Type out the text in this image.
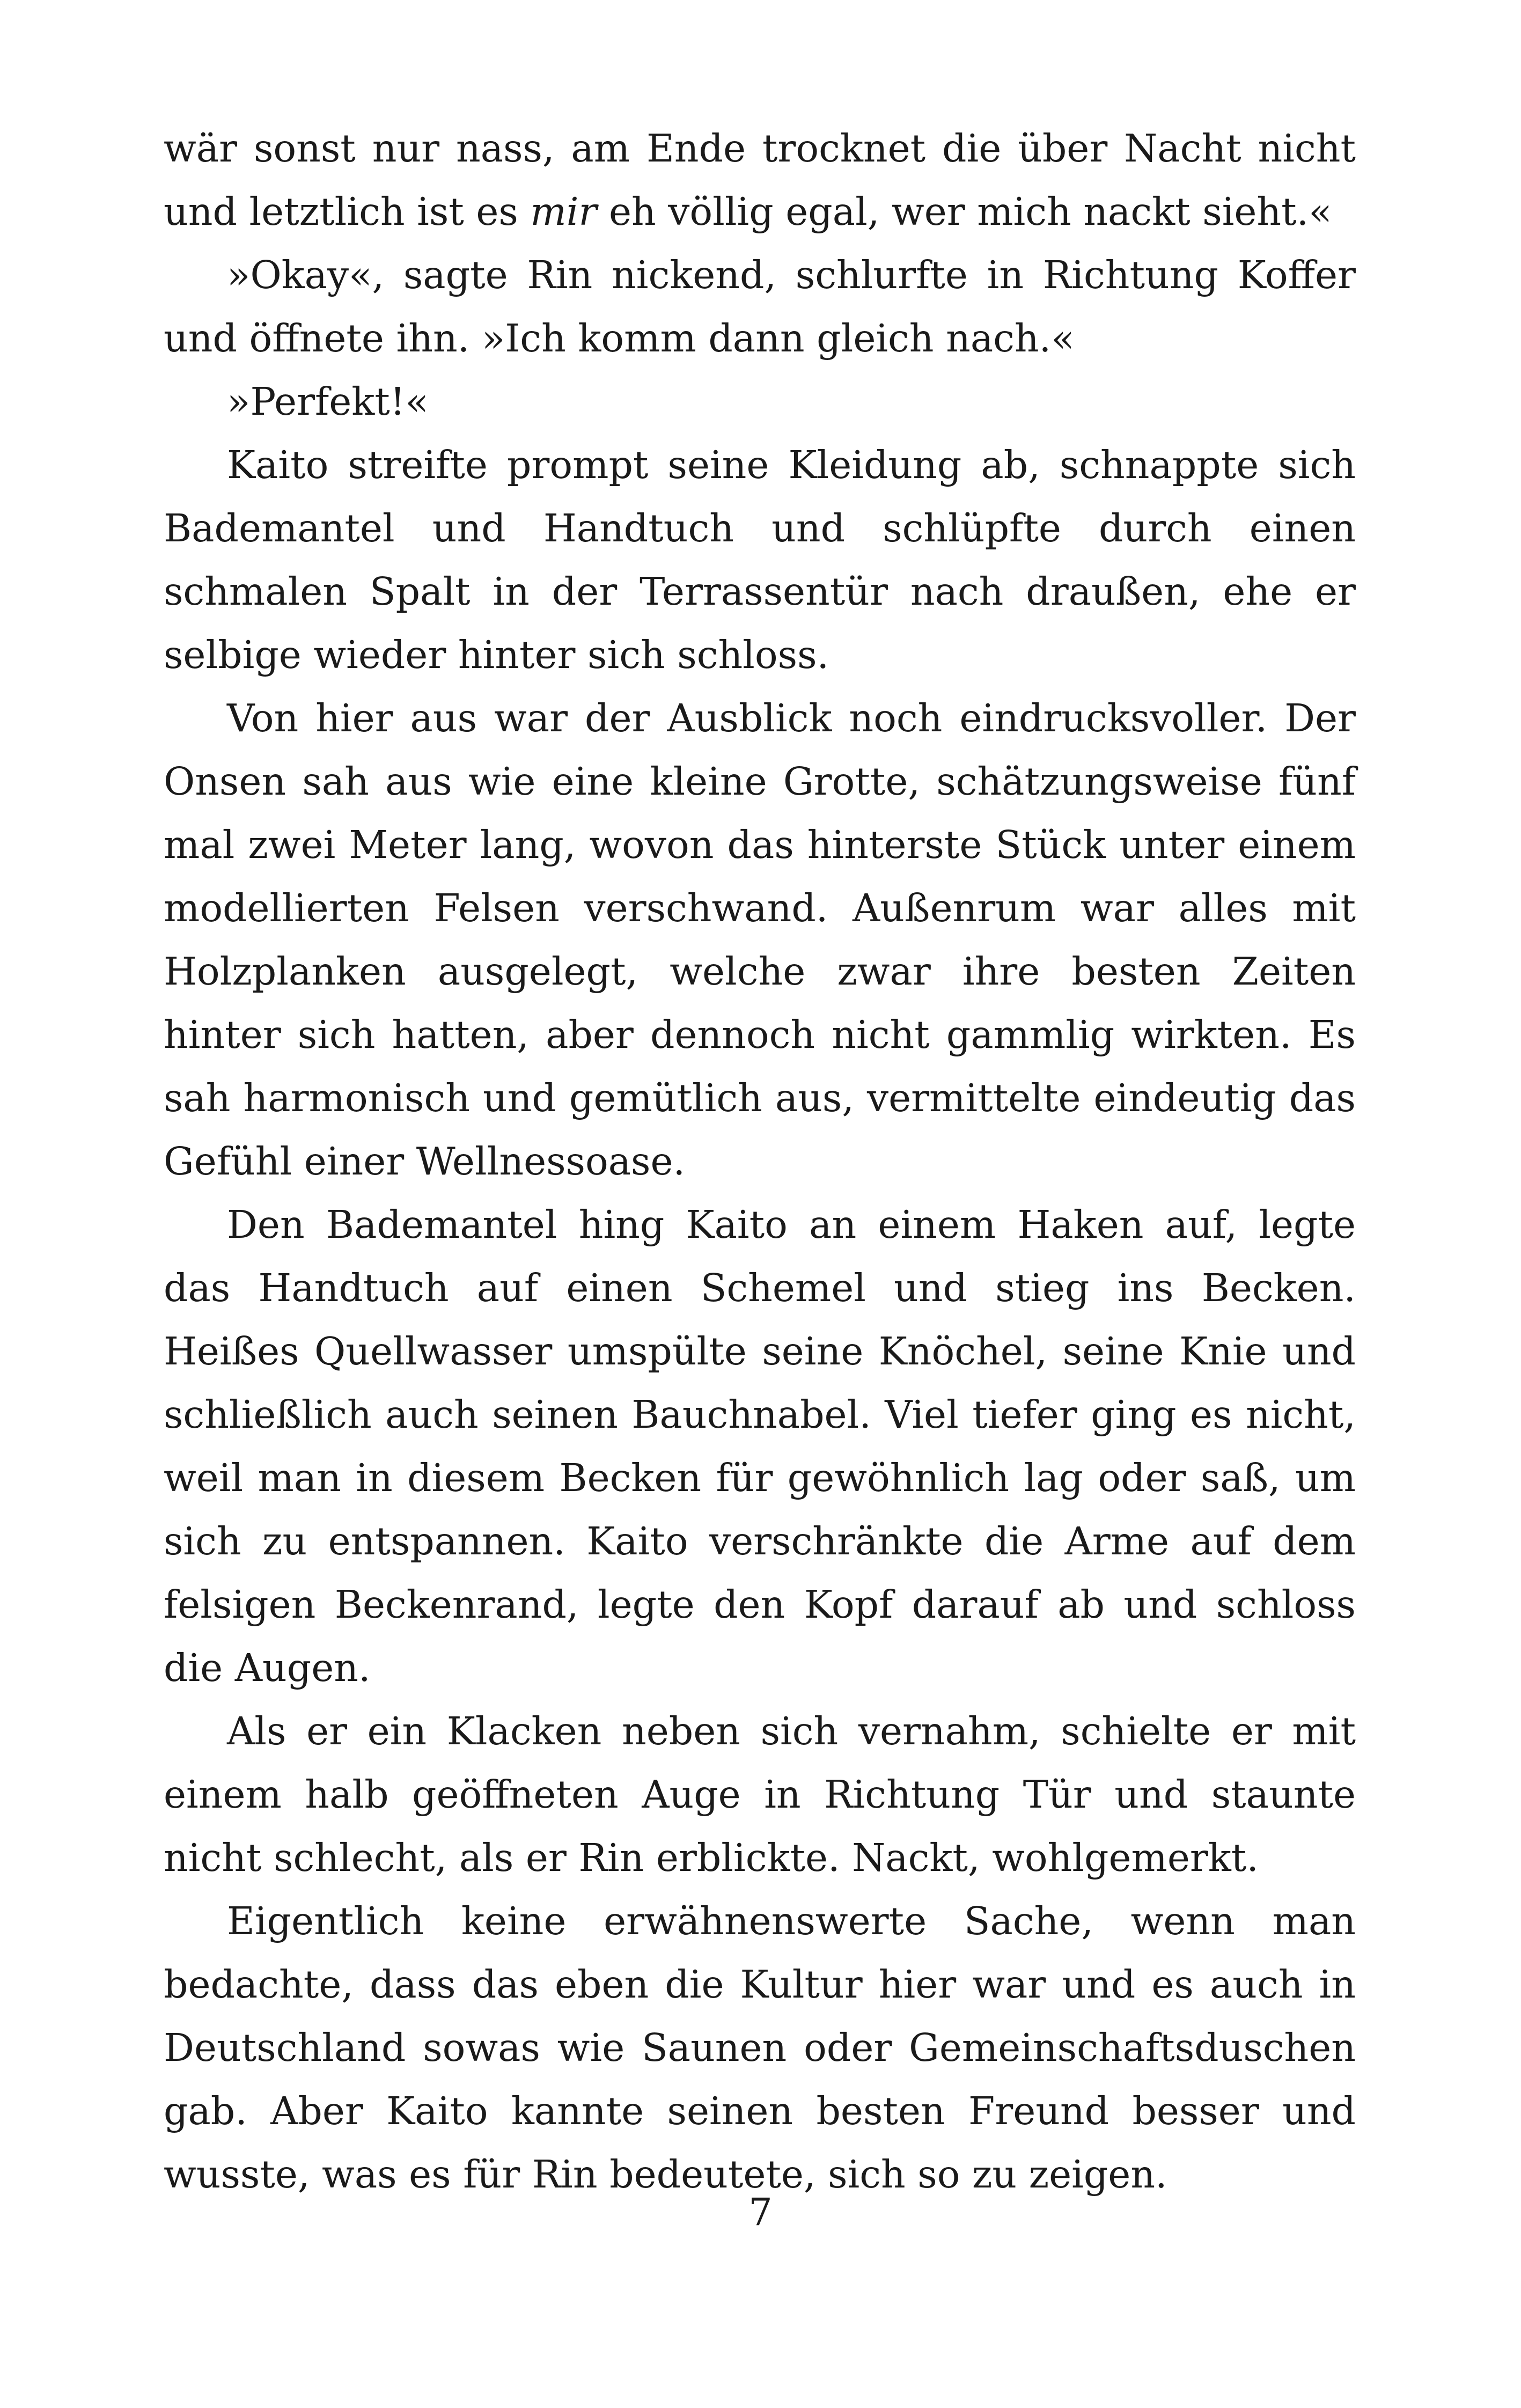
wär sonst nur nass, am Ende trocknet die über Nacht nicht und letztlich ist es mir eh völlig egal, wer mich nackt sieht.«

»Okay«, sagte Rin nickend, schlurfte in Richtung Koffer und öffnete ihn. »Ich komm dann gleich nach.«

»Perfekt!«

Kaito streifte prompt seine Kleidung ab, schnappte sich Bademantel und Handtuch und schlüpfte durch einen schmalen Spalt in der Terrassentür nach draußen, ehe er selbige wieder hinter sich schloss.

Von hier aus war der Ausblick noch eindrucksvoller. Der Onsen sah aus wie eine kleine Grotte, schätzungsweise fünf mal zwei Meter lang, wovon das hinterste Stück unter einem modellierten Felsen verschwand. Außenrum war alles mit Holzplanken ausgelegt, welche zwar ihre besten Zeiten hinter sich hatten, aber dennoch nicht gammlig wirkten. Es sah harmonisch und gemütlich aus, vermittelte eindeutig das Gefühl einer Wellnessoase.

Den Bademantel hing Kaito an einem Haken auf, legte das Handtuch auf einen Schemel und stieg ins Becken. Heißes Quellwasser umspülte seine Knöchel, seine Knie und schließlich auch seinen Bauchnabel. Viel tiefer ging es nicht, weil man in diesem Becken für gewöhnlich lag oder saß, um sich zu entspannen. Kaito verschränkte die Arme auf dem felsigen Beckenrand, legte den Kopf darauf ab und schloss die Augen.

Als er ein Klacken neben sich vernahm, schielte er mit einem halb geöffneten Auge in Richtung Tür und staunte nicht schlecht, als er Rin erblickte. Nackt, wohlgemerkt.

Eigentlich keine erwähnenswerte Sache, wenn man bedachte, dass das eben die Kultur hier war und es auch in Deutschland sowas wie Saunen oder Gemeinschaftsduschen gab. Aber Kaito kannte seinen besten Freund besser und wusste, was es für Rin bedeutete, sich so zu zeigen.

7
